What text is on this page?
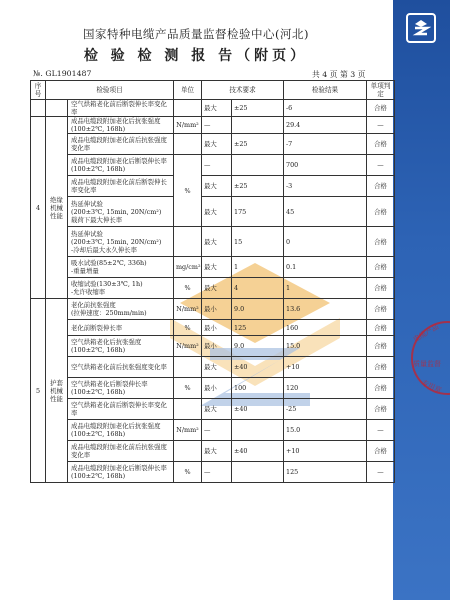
电缆产品
质量监督
专用章
国家特种电缆产品质量监督检验中心(河北)
检 验 检 测 报 告（附页）
№. GL1901487	共 4 页 第 3 页
序号	检验项目		单位	技术要求		检验结果	单项判定
		空气烘箱老化前后断裂伸长率变化率		最大	±25	-6	合格
4	绝缘
机械
性能	成品电缆段附加老化后抗张强度(100±2℃, 168h)	N/mm²	—		29.4	—
		成品电缆段附加老化前后抗张强度变化率		最大	±25	-7	合格
		成品电缆段附加老化后断裂伸长率(100±2℃, 168h)	%	—		700	—
		成品电缆段附加老化前后断裂伸长率变化率		最大	±25	-3	合格
		热延伸试验
(200±3℃, 15min, 20N/cm²)
载荷下最大伸长率		最大	175	45	合格
		热延伸试验
(200±3℃, 15min, 20N/cm²)
-冷却后最大永久伸长率		最大	15	0	合格
		吸水试验(85±2℃, 336h)
-重量增量	mg/cm²	最大	1	0.1	合格
		收缩试验(130±3℃, 1h)
-允许收缩率	%	最大	4	1	合格
5	护套
机械
性能	老化前抗张强度
(拉伸速度：250mm/min)	N/mm²	最小	9.0	13.6	合格
		老化前断裂伸长率	%	最小	125	160	合格
		空气烘箱老化后抗张强度(100±2℃, 168h)	N/mm²	最小	9.0	15.0	合格
		空气烘箱老化前后抗张强度变化率		最大	±40	+10	合格
		空气烘箱老化后断裂伸长率(100±2℃, 168h)	%	最小	100	120	合格
		空气烘箱老化前后断裂伸长率变化率		最大	±40	-25	合格
		成品电缆段附加老化后抗张强度(100±2℃, 168h)	N/mm²	—		15.0	—
		成品电缆段附加老化前后抗张强度变化率		最大	±40	+10	合格
		成品电缆段附加老化后断裂伸长率(100±2℃, 168h)	%	—		125	—
